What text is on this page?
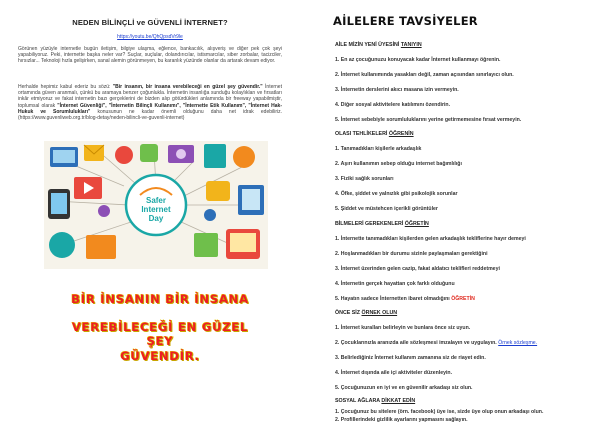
NEDEN BİLİNÇLİ ve GÜVENLİ İNTERNET?
https://youtu.be/QhQpsdVr9le

Görünen yüzüyle internetle bugün iletişim, bilgiye ulaşma, eğlence, bankacılık, alışveriş ve diğer pek çok şeyi yapabiliyoruz. Peki, internette başka neler var? Suçlar, suçlular, dolandırıcılar, istismarcılar, siber zorbalar, tacizciler, hırsızlar... Teknoloji hızla gelişirken, sanal alemin görünmeyen, bu karanlık yüzünde olanlar da artarak devam ediyor.

Herhalde hepimiz kabul ederiz bu sözü: "Bir insanın, bir insana verebileceği en güzel şey güvendir." İnternet ortamında güven aranmalı, çünkü bu aramaya benzer çoğunlukla. İnternetin insanlığa sunduğu kolaylıkları ve fırsatları inkâr etmiyoruz ve fakat internetin bazı gerçeklerini de bizden alıp götürdükleri anlamında bir freeway yapabilmiştir, toplumsal olarak "İnternet Güvenliği", "İnternetin Bilinçli Kullanımı", "İnternette Etik Kullanım", "İnternet Hak-Hukuk ve Sorumlulukları" konusunun ne kadar önemli olduğunu daha net idrak edebiliriz. (https://www.guvenliweb.org.tr/blog-detay/neden-bilincli-ve-guvenli-internet)

Safer
Internet
Day
BİR İNSANIN BİR İNSANA
VEREBİLECEĞİ EN GÜZEL ŞEY
GÜVENDİR.
AİLELERE TAVSİYELER
AİLE MİZİN YENİ ÜYESİNİ TANIYIN
1. En az çocuğunuzu konuyacak kadar İnternet kullanmayı öğrenin.
2. İnternet kullanımında yasakları değil, zaman açısından sınırlayıcı olun.
3. İnternetin derslerini akıcı masana izin vermeyin.
4. Diğer sosyal aktivitelere katılımını özendirin.
5. İnternet sebebiyle sorumluluklarını yerine getirmemesine fırsat vermeyin.
OLASI TEHLİKELERİ ÖĞRENİN
1. Tanımadıkları kişilerle arkadaşlık
2. Aşırı kullanımın sebep olduğu internet bağımlılığı
3. Fiziki sağlık sorunları
4. Öfke, şiddet ve yalnızlık gibi psikolojik sorunlar
5. Şiddet ve müstehcen içerikli görüntüler
BİLMELERİ GEREKENLERİ ÖĞRETİN
1. İnternette tanımadıkları kişilerden gelen arkadaşlık tekliflerine hayır demeyi
2. Hoşlanmadıkları bir durumu sizinle paylaşmaları gerektiğini
3. İnternet üzerinden gelen cazip, fakat aldatıcı teklifleri reddetmeyi
4. İnternetin gerçek hayattan çok farklı olduğunu
5. Hayatın sadece İnternetten ibaret olmadığını ÖĞRETİN
ÖNCE SİZ ÖRNEK OLUN
1. İnternet kuralları belirleyin ve bunlara önce siz uyun.
2. Çocuklarınızla aranızda aile sözleşmesi imzalayın ve uygulayın. Örnek sözleşme.
3. Belirlediğiniz İnternet kullanım zamanına siz de riayet edin.
4. İnternet dışında aile içi aktiviteler düzenleyin.
5. Çocuğunuzun en iyi ve en güvenilir arkadaşı siz olun.
SOSYAL AĞLARA DİKKAT EDİN
1. Çocuğunuz bu sitelere (örn. facebook) üye ise, sizde üye olup onun arkadaşı olun.
2. Profillerindeki gizlilik ayarlarını yapmasını sağlayın.
